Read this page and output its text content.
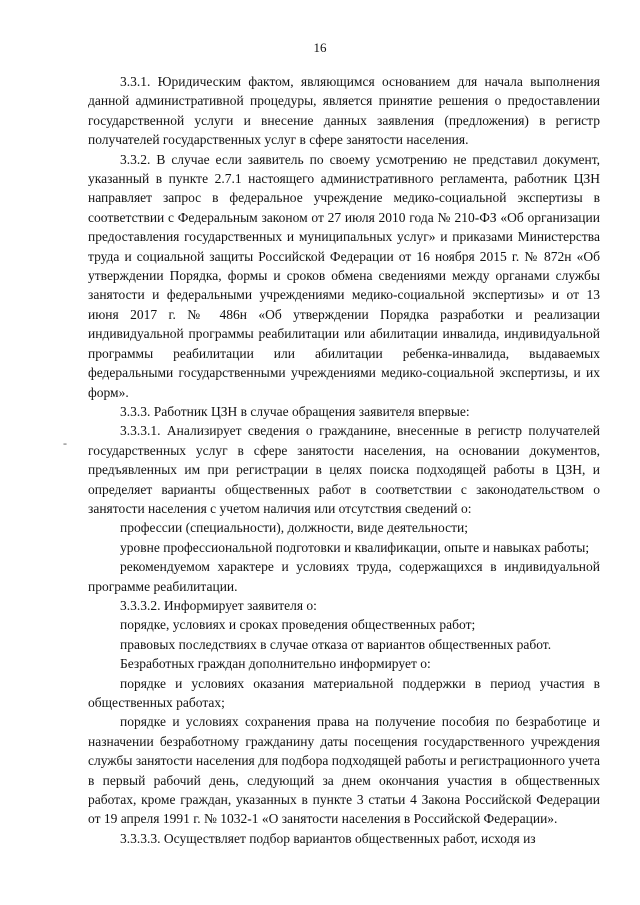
16
-

3.3.1. Юридическим фактом, являющимся основанием для начала выполнения данной административной процедуры, является принятие решения о предоставлении государственной услуги и внесение данных заявления (предложения) в регистр получателей государственных услуг в сфере занятости населения.

3.3.2. В случае если заявитель по своему усмотрению не представил документ, указанный в пункте 2.7.1 настоящего административного регламента, работник ЦЗН направляет запрос в федеральное учреждение медико-социальной экспертизы в соответствии с Федеральным законом от 27 июля 2010 года № 210-ФЗ «Об организации предоставления государственных и муниципальных услуг» и приказами Министерства труда и социальной защиты Российской Федерации от 16 ноября 2015 г. № 872н «Об утверждении Порядка, формы и сроков обмена сведениями между органами службы занятости и федеральными учреждениями медико-социальной экспертизы» и от 13 июня 2017 г. № 486н «Об утверждении Порядка разработки и реализации индивидуальной программы реабилитации или абилитации инвалида, индивидуальной программы реабилитации или абилитации ребенка-инвалида, выдаваемых федеральными государственными учреждениями медико-социальной экспертизы, и их форм».

3.3.3. Работник ЦЗН в случае обращения заявителя впервые:

3.3.3.1. Анализирует сведения о гражданине, внесенные в регистр получателей государственных услуг в сфере занятости населения, на основании документов, предъявленных им при регистрации в целях поиска подходящей работы в ЦЗН, и определяет варианты общественных работ в соответствии с законодательством о занятости населения с учетом наличия или отсутствия сведений о:

профессии (специальности), должности, виде деятельности;

уровне профессиональной подготовки и квалификации, опыте и навыках работы;

рекомендуемом характере и условиях труда, содержащихся в индивидуальной программе реабилитации.

3.3.3.2. Информирует заявителя о:

порядке, условиях и сроках проведения общественных работ;

правовых последствиях в случае отказа от вариантов общественных работ.

Безработных граждан дополнительно информирует о:

порядке и условиях оказания материальной поддержки в период участия в общественных работах;

порядке и условиях сохранения права на получение пособия по безработице и назначении безработному гражданину даты посещения государственного учреждения службы занятости населения для подбора подходящей работы и регистрационного учета в первый рабочий день, следующий за днем окончания участия в общественных работах, кроме граждан, указанных в пункте 3 статьи 4 Закона Российской Федерации от 19 апреля 1991 г. № 1032-1 «О занятости населения в Российской Федерации».

3.3.3.3. Осуществляет подбор вариантов общественных работ, исходя из
